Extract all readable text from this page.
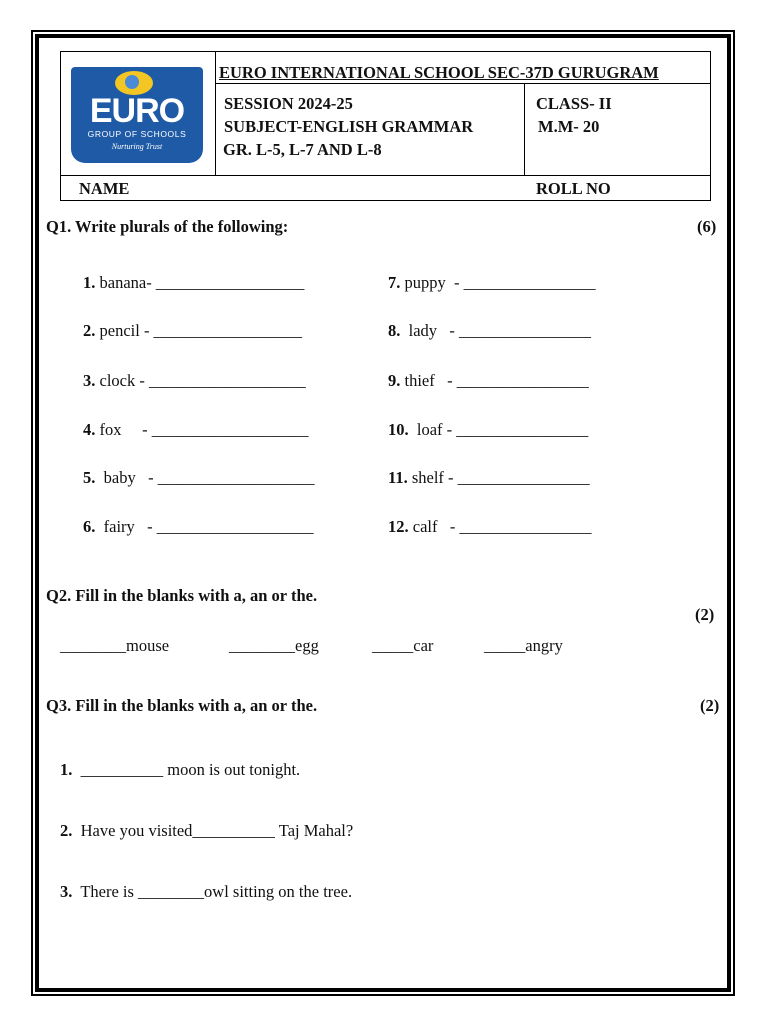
EURO
GROUP OF SCHOOLS
Nurturing Trust
EURO INTERNATIONAL SCHOOL SEC-37D GURUGRAM
SESSION 2024-25
SUBJECT-ENGLISH GRAMMAR
GR. L-5, L-7 AND L-8
CLASS- II
M.M- 20
NAME	ROLL NO
Q1. Write plurals of the following:	(6)
1. banana- __________________
2. pencil - __________________
3. clock - ___________________
4. fox     - ___________________
5.  baby   - ___________________
6.  fairy   - ___________________
7. puppy  - ________________
8.  lady   - ________________
9. thief   - ________________
10.  loaf - ________________
11. shelf - ________________
12. calf   - ________________
Q2. Fill in the blanks with a, an or the.
(2)
________mouse	________egg	_____car	_____angry
Q3. Fill in the blanks with a, an or the.	(2)
1.  __________ moon is out tonight.
2.  Have you visited__________ Taj Mahal?
3.  There is ________owl sitting on the tree.
